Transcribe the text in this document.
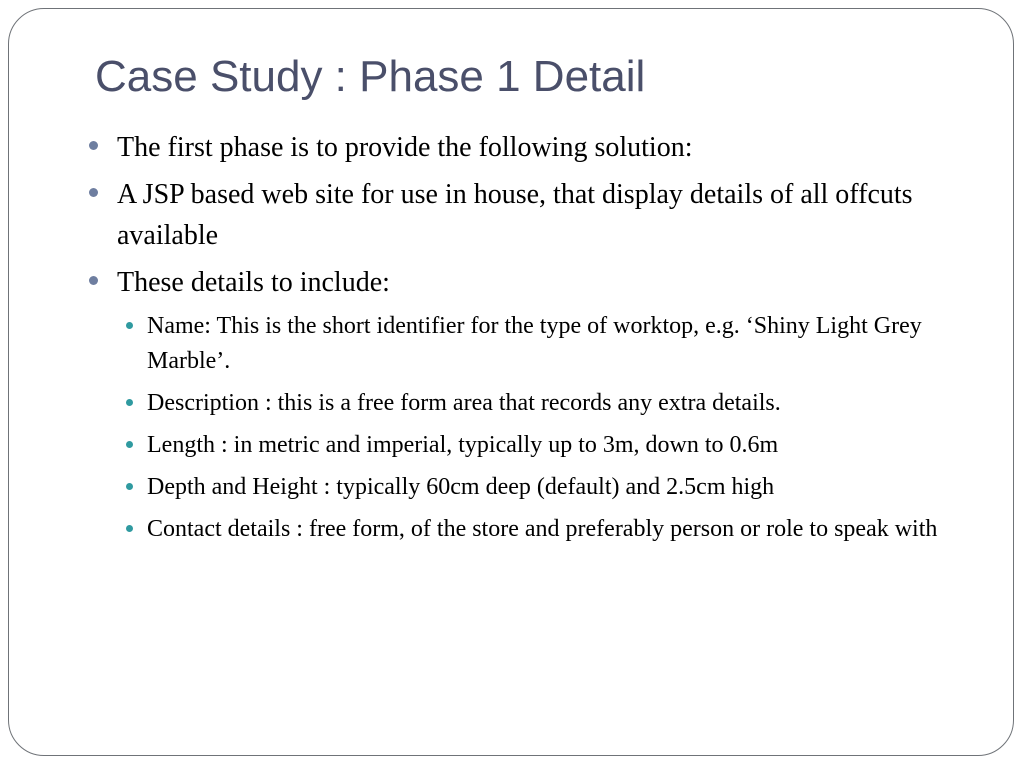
Case Study : Phase 1 Detail
The first phase is to provide the following solution:
A JSP based web site for use in house, that display details of all offcuts available
These details to include:
Name: This is the short identifier for the type of worktop, e.g. ‘Shiny Light Grey Marble’.
Description : this is a free form area that records any extra details.
Length : in metric and imperial, typically up to 3m, down to 0.6m
Depth and Height : typically 60cm deep (default) and 2.5cm high
Contact details : free form, of the store and preferably person or role to speak with
